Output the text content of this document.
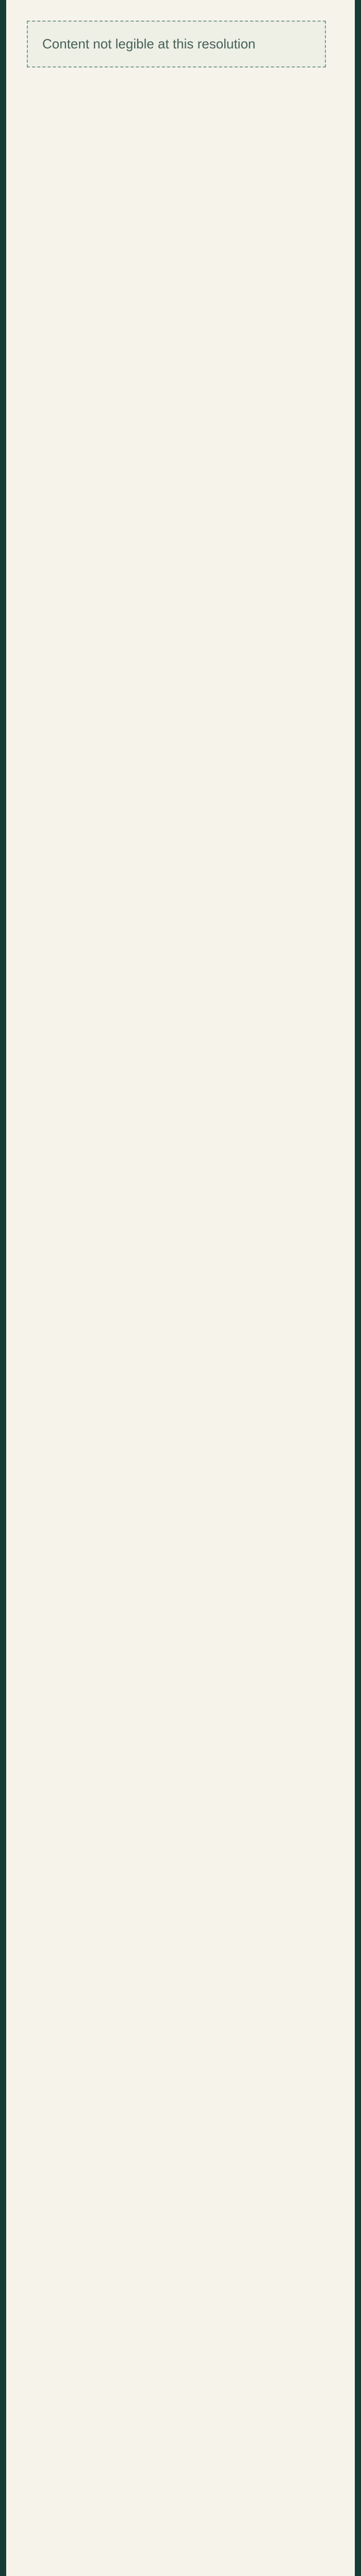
Content not legible at this resolution
